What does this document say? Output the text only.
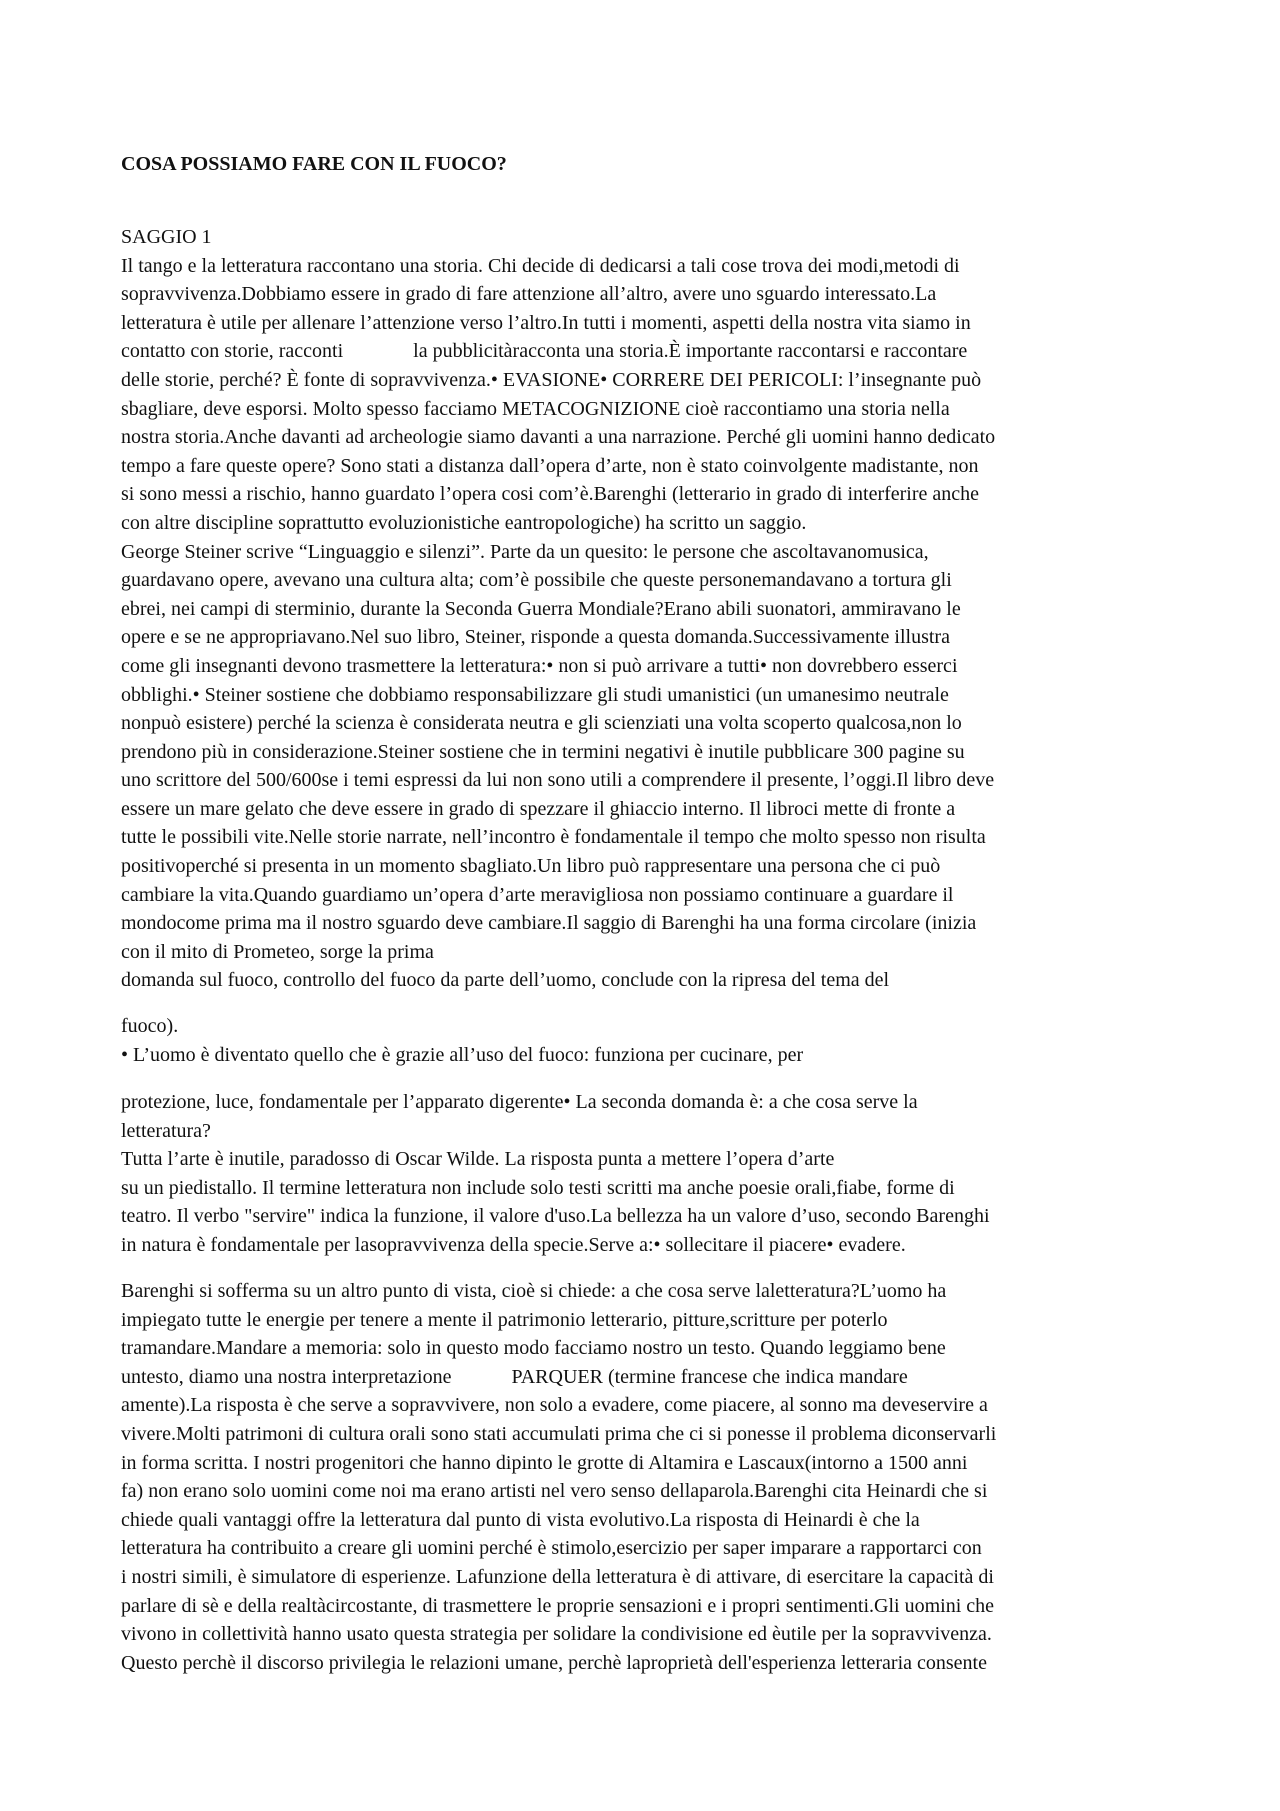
COSA POSSIAMO FARE CON IL FUOCO?
SAGGIO 1
Il tango e la letteratura raccontano una storia. Chi decide di dedicarsi a tali cose trova dei modi,metodi di
sopravvivenza.Dobbiamo essere in grado di fare attenzione all’altro, avere uno sguardo interessato.La
letteratura è utile per allenare l’attenzione verso l’altro.In tutti i momenti, aspetti della nostra vita siamo in
contatto con storie, racconti	la pubblicitàracconta una storia.È importante raccontarsi e raccontare
delle storie, perché? È fonte di sopravvivenza.• EVASIONE• CORRERE DEI PERICOLI: l’insegnante può
sbagliare, deve esporsi. Molto spesso facciamo METACOGNIZIONE cioè raccontiamo una storia nella
nostra storia.Anche davanti ad archeologie siamo davanti a una narrazione. Perché gli uomini hanno dedicato
tempo a fare queste opere? Sono stati a distanza dall’opera d’arte, non è stato coinvolgente madistante, non
si sono messi a rischio, hanno guardato l’opera cosi com’è.Barenghi (letterario in grado di interferire anche
con altre discipline soprattutto evoluzionistiche eantropologiche) ha scritto un saggio.
George Steiner scrive “Linguaggio e silenzi”. Parte da un quesito: le persone che ascoltavanomusica,
guardavano opere, avevano una cultura alta; com’è possibile che queste personemandavano a tortura gli
ebrei, nei campi di sterminio, durante la Seconda Guerra Mondiale?Erano abili suonatori, ammiravano le
opere e se ne appropriavano.Nel suo libro, Steiner, risponde a questa domanda.Successivamente illustra
come gli insegnanti devono trasmettere la letteratura:• non si può arrivare a tutti• non dovrebbero esserci
obblighi.• Steiner sostiene che dobbiamo responsabilizzare gli studi umanistici (un umanesimo neutrale
nonpuò esistere) perché la scienza è considerata neutra e gli scienziati una volta scoperto qualcosa,non lo
prendono più in considerazione.Steiner sostiene che in termini negativi è inutile pubblicare 300 pagine su
uno scrittore del 500/600se i temi espressi da lui non sono utili a comprendere il presente, l’oggi.Il libro deve
essere un mare gelato che deve essere in grado di spezzare il ghiaccio interno. Il libroci mette di fronte a
tutte le possibili vite.Nelle storie narrate, nell’incontro è fondamentale il tempo che molto spesso non risulta
positivoperché si presenta in un momento sbagliato.Un libro può rappresentare una persona che ci può
cambiare la vita.Quando guardiamo un’opera d’arte meravigliosa non possiamo continuare a guardare il
mondocome prima ma il nostro sguardo deve cambiare.Il saggio di Barenghi ha una forma circolare (inizia
con il mito di Prometeo, sorge la prima
domanda sul fuoco, controllo del fuoco da parte dell’uomo, conclude con la ripresa del tema del
fuoco).
• L’uomo è diventato quello che è grazie all’uso del fuoco: funziona per cucinare, per
protezione, luce, fondamentale per l’apparato digerente• La seconda domanda è: a che cosa serve la
letteratura?
Tutta l’arte è inutile, paradosso di Oscar Wilde. La risposta punta a mettere l’opera d’arte
su un piedistallo. Il termine letteratura non include solo testi scritti ma anche poesie orali,fiabe, forme di
teatro. Il verbo "servire" indica la funzione, il valore d'uso.La bellezza ha un valore d’uso, secondo Barenghi
in natura è fondamentale per lasopravvivenza della specie.Serve a:• sollecitare il piacere• evadere.
Barenghi si sofferma su un altro punto di vista, cioè si chiede: a che cosa serve laletteratura?L’uomo ha
impiegato tutte le energie per tenere a mente il patrimonio letterario, pitture,scritture per poterlo
tramandare.Mandare a memoria: solo in questo modo facciamo nostro un testo. Quando leggiamo bene
untesto, diamo una nostra interpretazione	PARQUER (termine francese che indica mandare
amente).La risposta è che serve a sopravvivere, non solo a evadere, come piacere, al sonno ma deveservire a
vivere.Molti patrimoni di cultura orali sono stati accumulati prima che ci si ponesse il problema diconservarli
in forma scritta. I nostri progenitori che hanno dipinto le grotte di Altamira e Lascaux(intorno a 1500 anni
fa) non erano solo uomini come noi ma erano artisti nel vero senso dellaparola.Barenghi cita Heinardi che si
chiede quali vantaggi offre la letteratura dal punto di vista evolutivo.La risposta di Heinardi è che la
letteratura ha contribuito a creare gli uomini perché è stimolo,esercizio per saper imparare a rapportarci con
i nostri simili, è simulatore di esperienze. Lafunzione della letteratura è di attivare, di esercitare la capacità di
parlare di sè e della realtàcircostante, di trasmettere le proprie sensazioni e i propri sentimenti.Gli uomini che
vivono in collettività hanno usato questa strategia per solidare la condivisione ed èutile per la sopravvivenza.
Questo perchè il discorso privilegia le relazioni umane, perchè laproprietà dell'esperienza letteraria consente
